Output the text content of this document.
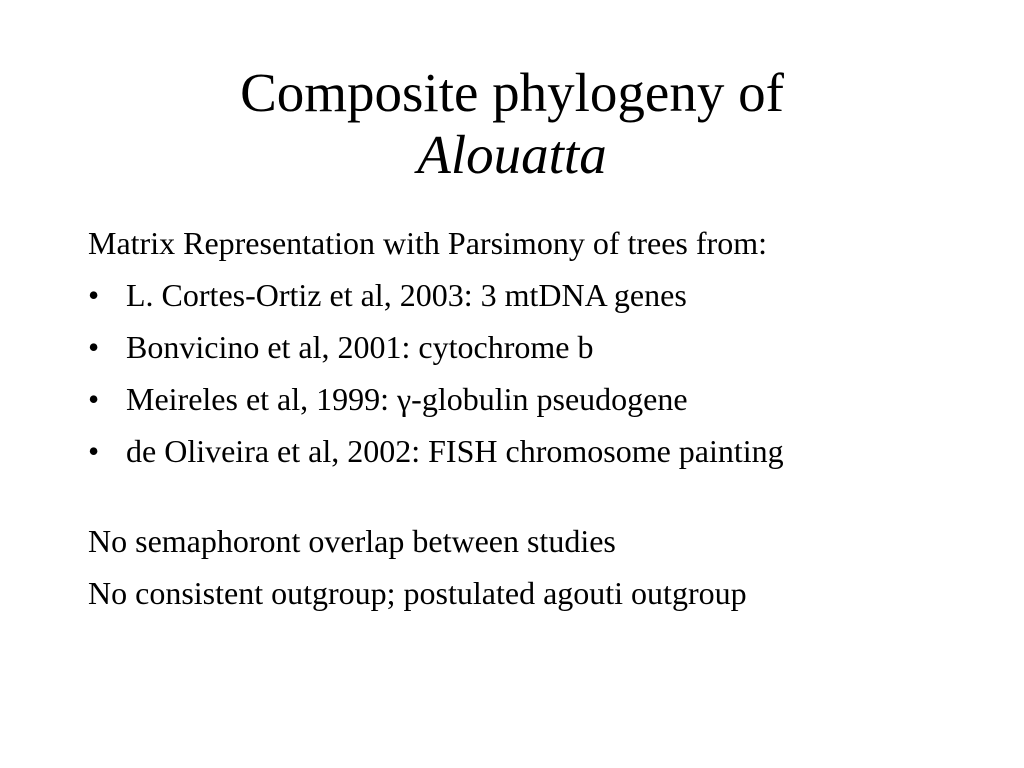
Composite phylogeny of
Alouatta
Matrix Representation with Parsimony of trees from:
• L. Cortes-Ortiz et al, 2003: 3 mtDNA genes
• Bonvicino et al, 2001: cytochrome b
• Meireles et al, 1999: γ-globulin pseudogene
• de Oliveira et al, 2002: FISH chromosome painting
No semaphoront overlap between studies
No consistent outgroup; postulated agouti outgroup
